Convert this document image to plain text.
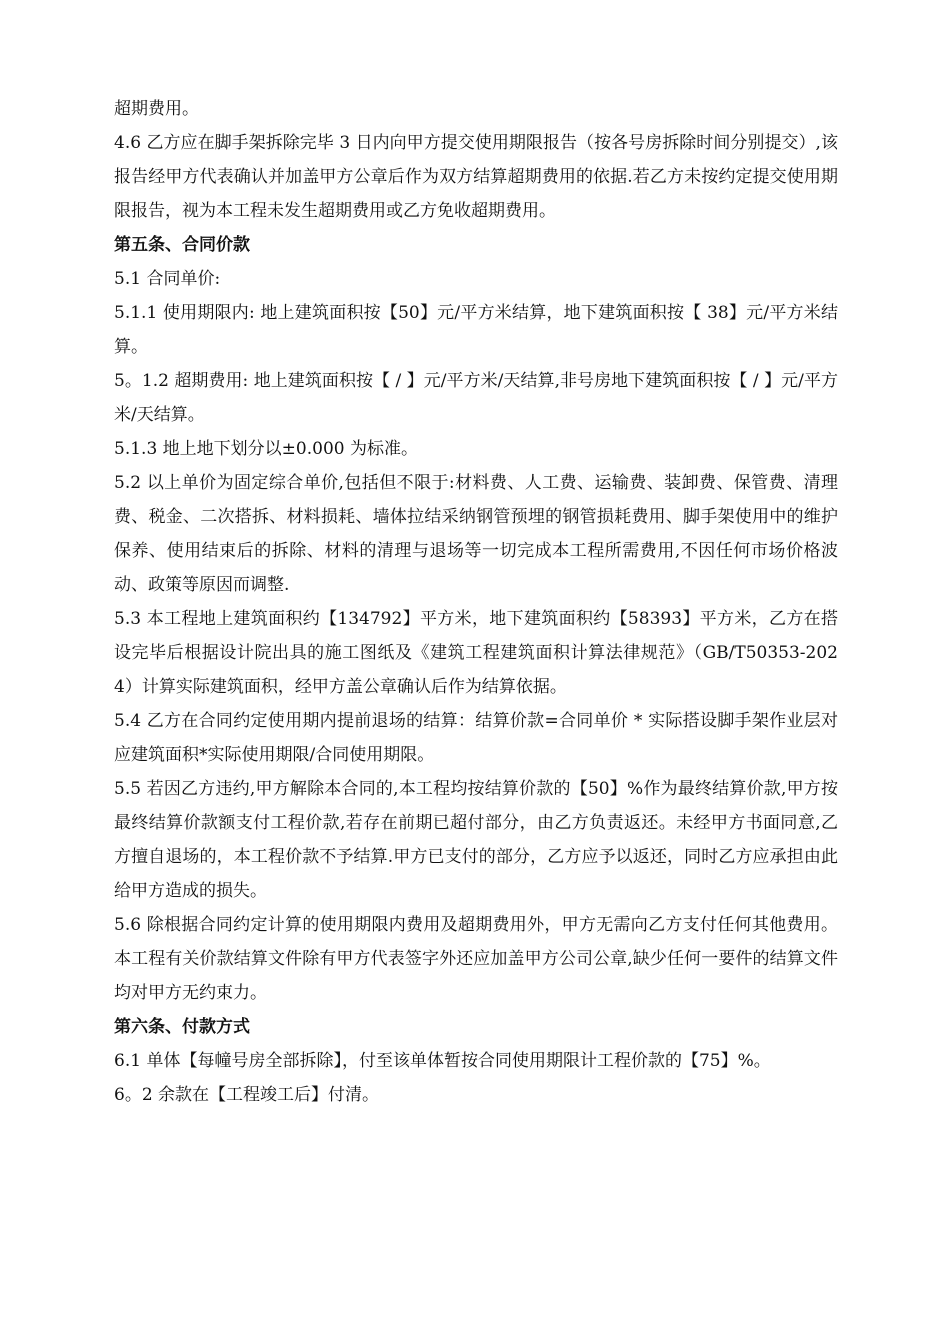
超期费用。

4.6 乙方应在脚手架拆除完毕 3 日内向甲方提交使用期限报告（按各号房拆除时间分别提交）,该报告经甲方代表确认并加盖甲方公章后作为双方结算超期费用的依据.若乙方未按约定提交使用期限报告，视为本工程未发生超期费用或乙方免收超期费用。

第五条、合同价款

5.1 合同单价:

5.1.1 使用期限内: 地上建筑面积按【50】元/平方米结算，地下建筑面积按【 38】元/平方米结算。

5。1.2 超期费用: 地上建筑面积按【 / 】元/平方米/天结算,非号房地下建筑面积按【 / 】元/平方米/天结算。

5.1.3 地上地下划分以±0.000 为标准。

5.2 以上单价为固定综合单价,包括但不限于:材料费、人工费、运输费、装卸费、保管费、清理费、税金、二次搭拆、材料损耗、墙体拉结采纳钢管预埋的钢管损耗费用、脚手架使用中的维护保养、使用结束后的拆除、材料的清理与退场等一切完成本工程所需费用,不因任何市场价格波动、政策等原因而调整.

5.3 本工程地上建筑面积约【134792】平方米，地下建筑面积约【58393】平方米，乙方在搭设完毕后根据设计院出具的施工图纸及《建筑工程建筑面积计算法律规范》（GB/T50353-2024）计算实际建筑面积，经甲方盖公章确认后作为结算依据。

5.4 乙方在合同约定使用期内提前退场的结算：结算价款=合同单价 * 实际搭设脚手架作业层对应建筑面积*实际使用期限/合同使用期限。

5.5 若因乙方违约,甲方解除本合同的,本工程均按结算价款的【50】%作为最终结算价款,甲方按最终结算价款额支付工程价款,若存在前期已超付部分，由乙方负责返还。未经甲方书面同意,乙方擅自退场的，本工程价款不予结算.甲方已支付的部分，乙方应予以返还，同时乙方应承担由此给甲方造成的损失。

5.6 除根据合同约定计算的使用期限内费用及超期费用外，甲方无需向乙方支付任何其他费用。本工程有关价款结算文件除有甲方代表签字外还应加盖甲方公司公章,缺少任何一要件的结算文件均对甲方无约束力。

第六条、付款方式

6.1 单体【每幢号房全部拆除】，付至该单体暂按合同使用期限计工程价款的【75】%。

6。2 余款在【工程竣工后】付清。
